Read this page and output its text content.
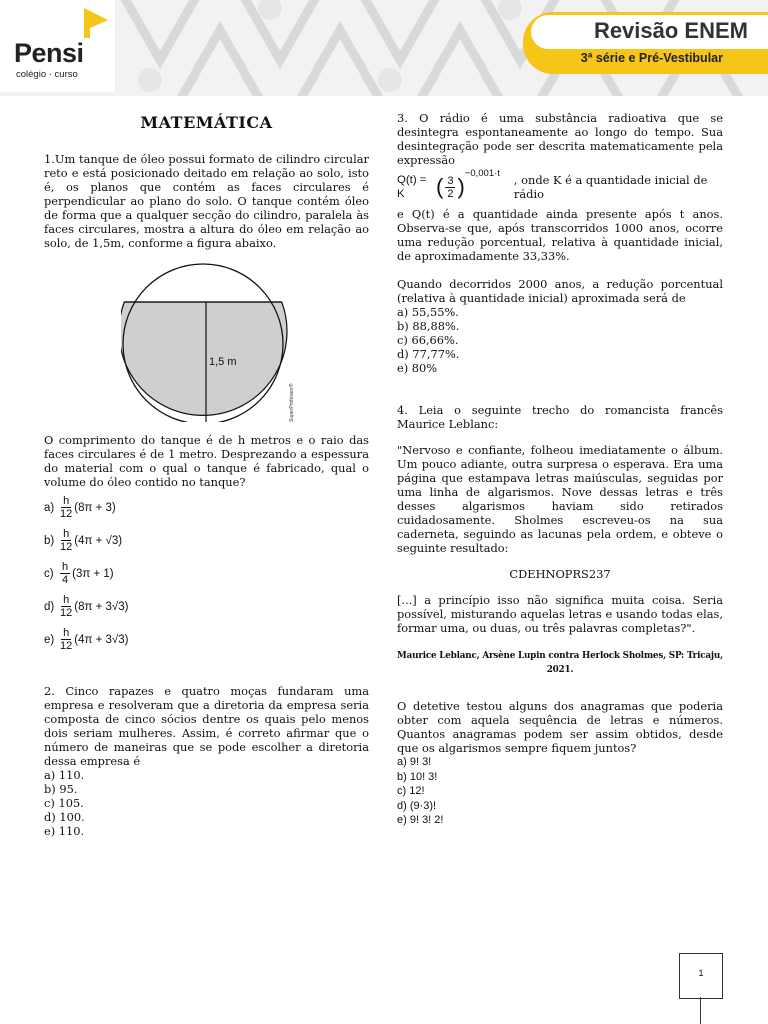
Pensi
colégio · curso
Revisão ENEM
3ª série e Pré-Vestibular
MATEMÁTICA

1.Um tanque de óleo possui formato de cilindro circular reto e está posicionado deitado em relação ao solo, isto é, os planos que contém as faces circulares é perpendicular ao plano do solo. O tanque contém óleo de forma que a qualquer secção do cilindro, paralela às faces circulares, mostra a altura do óleo em relação ao solo, de 1,5m, conforme a figura abaixo.

1,5 m
SuperProfessor®

O comprimento do tanque é de h metros e o raio das faces circulares é de 1 metro. Desprezando a espessura do material com o qual o tanque é fabricado, qual o volume do óleo contido no tanque?

$a) \frac{h}{12} (8\pi + 3)$
$b) \frac{h}{12} (4\pi + √3)$
$c) \frac{h}{4} (3\pi + 1)$
$d) \frac{h}{12} (8\pi + 3√3)$
$e) \frac{h}{12} (4\pi + 3√3)$

2. Cinco rapazes e quatro moças fundaram uma empresa e resolveram que a diretoria da empresa seria composta de cinco sócios dentre os quais pelo menos dois seriam mulheres. Assim, é correto afirmar que o número de maneiras que se pode escolher a diretoria dessa empresa é

a) 110.

b) 95.

c) 105.

d) 100.

e) 110.

3. O rádio é uma substância radioativa que se desintegra espontaneamente ao longo do tempo. Sua desintegração pode ser descrita matematicamente pela expressão

Q(t) = K	( $\frac{3}{2}$ )
−0,001·t , onde K é a quantidade inicial de rádio

e Q(t) é a quantidade ainda presente após t anos. Observa-se que, após transcorridos 1000 anos, ocorre uma redução porcentual, relativa à quantidade inicial, de aproximadamente 33,33%.

Quando decorridos 2000 anos, a redução porcentual (relativa à quantidade inicial) aproximada será de

a) 55,55%.

b) 88,88%.

c) 66,66%.

d) 77,77%.

e) 80%

4. Leia o seguinte trecho do romancista francês Maurice Leblanc:

"Nervoso e confiante, folheou imediatamente o álbum. Um pouco adiante, outra surpresa o esperava. Era uma página que estampava letras maiúsculas, seguidas por uma linha de algarismos. Nove dessas letras e três desses algarismos haviam sido retirados cuidadosamente. Sholmes escreveu-os na sua caderneta, seguindo as lacunas pela ordem, e obteve o seguinte resultado:

CDEHNOPRS237

[...] a princípio isso não significa muita coisa. Seria possível, misturando aquelas letras e usando todas elas, formar uma, ou duas, ou três palavras completas?".

Maurice Leblanc, Arsène Lupin contra Herlock Sholmes, SP: Tricaju, 2021.

O detetive testou alguns dos anagramas que poderia obter com aquela sequência de letras e números. Quantos anagramas podem ser assim obtidos, desde que os algarismos sempre fiquem juntos?

a) 9! 3!

b) 10! 3!

c) 12!

d) (9·3)!

e) 9! 3! 2!

1
